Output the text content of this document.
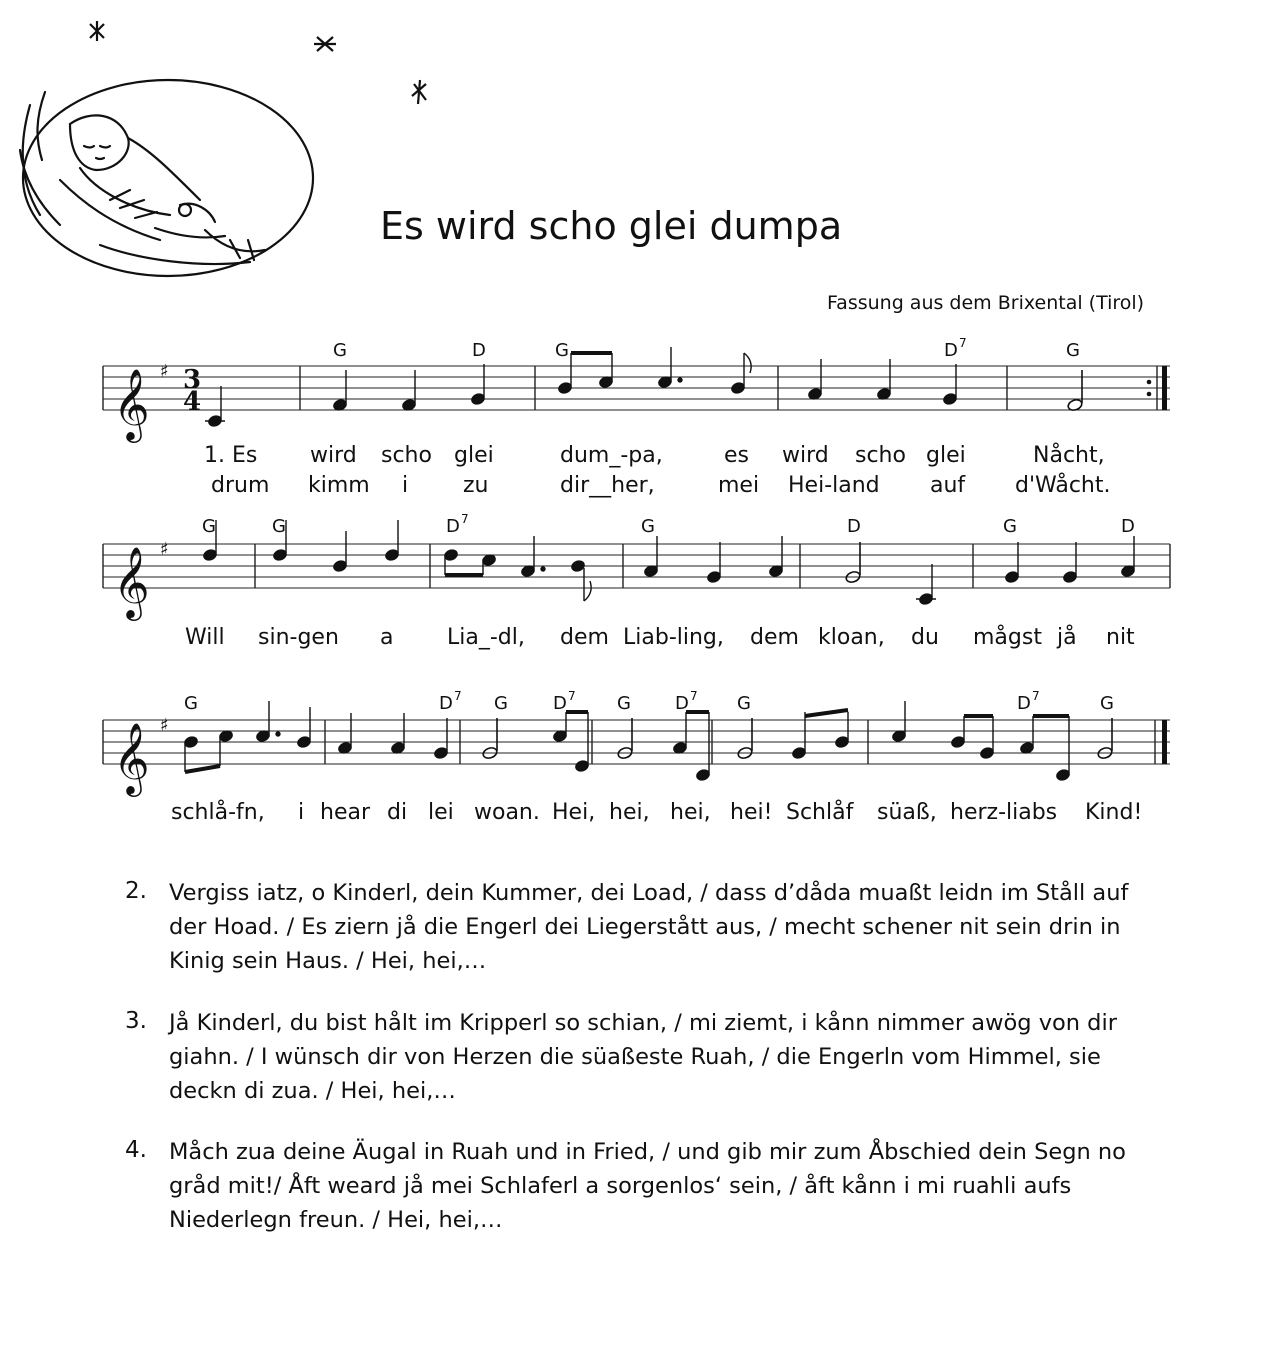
𝄞 ♯ 3
4
𝄞 ♯
𝄞 ♯
Es wird scho glei dumpa
Fassung aus dem Brixental (Tirol)
G	D	G	D 7	G
1. Es wird scho glei	dum_-pa,	es wird scho glei	Nåcht,
drum kimm i zu	dir__her,	mei Hei-land auf d'Wåcht.
G	G	D 7	G	D	G	D
Will sin-gen a Lia_-dl, dem Liab-ling, dem kloan, du mågst jå nit
G	D 7 G	D 7 G D 7 G	D 7	G
schlå-fn, i hear di lei woan. Hei, hei, hei, hei! Schlåf süaß, herz-liabs Kind!
2. Vergiss iatz, o Kinderl, dein Kummer, dei Load, / dass d’dåda muaßt leidn im Ståll auf der Hoad. / Es ziern jå die Engerl dei Liegerstått aus, / mecht schener nit sein drin in Kinig sein Haus. / Hei, hei,…
3. Jå Kinderl, du bist hålt im Kripperl so schian, / mi ziemt, i kånn nimmer awög von dir giahn. / I wünsch dir von Herzen die süaßeste Ruah, / die Engerln vom Himmel, sie deckn di zua. / Hei, hei,…
4. Måch zua deine Äugal in Ruah und in Fried, / und gib mir zum Åbschied dein Segn no gråd mit!/ Åft weard jå mei Schlaferl a sorgenlos‘ sein, / åft kånn i mi ruahli aufs Niederlegn freun. / Hei, hei,…
